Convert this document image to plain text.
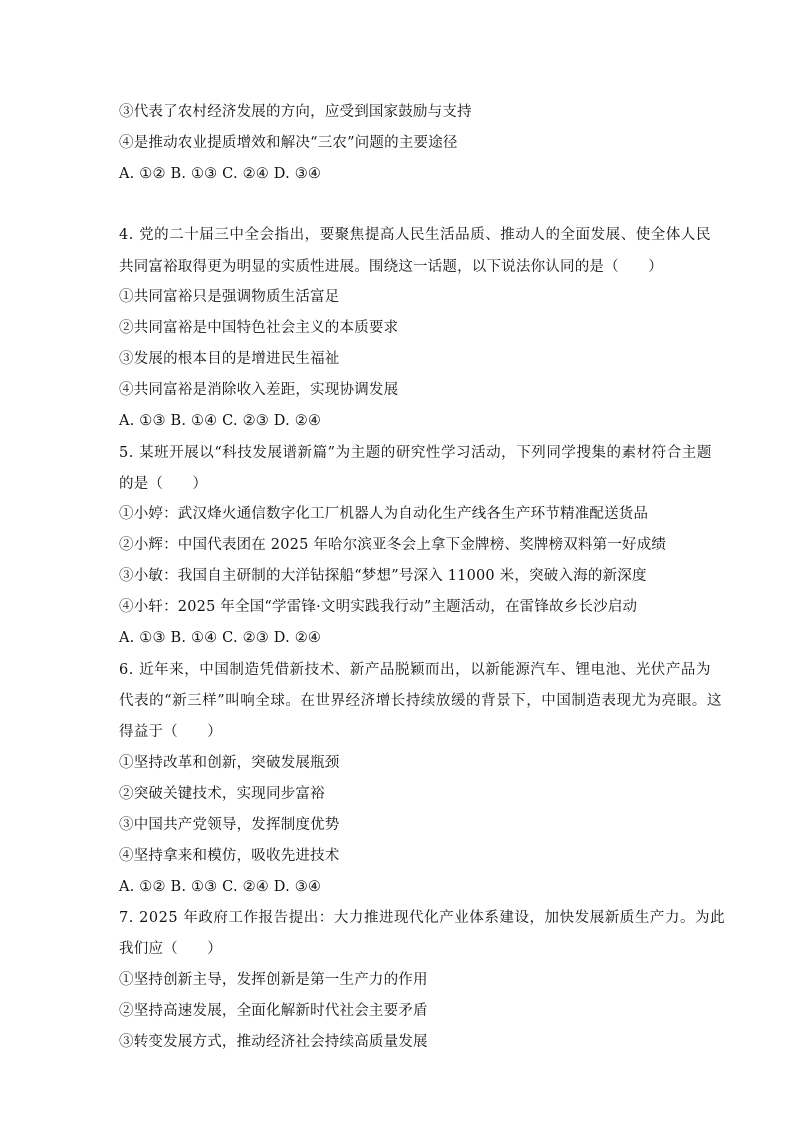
③代表了农村经济发展的方向，应受到国家鼓励与支持
④是推动农业提质增效和解决“三农”问题的主要途径
A. ①② B. ①③ C. ②④ D. ③④
4. 党的二十届三中全会指出，要聚焦提高人民生活品质、推动人的全面发展、使全体人民
共同富裕取得更为明显的实质性进展。围绕这一话题，以下说法你认同的是（　　）
①共同富裕只是强调物质生活富足
②共同富裕是中国特色社会主义的本质要求
③发展的根本目的是增进民生福祉
④共同富裕是消除收入差距，实现协调发展
A. ①③ B. ①④ C. ②③ D. ②④
5. 某班开展以“科技发展谱新篇”为主题的研究性学习活动，下列同学搜集的素材符合主题
的是（　　）
①小婷：武汉烽火通信数字化工厂机器人为自动化生产线各生产环节精准配送货品
②小辉：中国代表团在 2025 年哈尔滨亚冬会上拿下金牌榜、奖牌榜双料第一好成绩
③小敏：我国自主研制的大洋钻探船“梦想”号深入 11000 米，突破入海的新深度
④小轩：2025 年全国“学雷锋·文明实践我行动”主题活动，在雷锋故乡长沙启动
A. ①③ B. ①④ C. ②③ D. ②④
6. 近年来，中国制造凭借新技术、新产品脱颖而出，以新能源汽车、锂电池、光伏产品为
代表的“新三样”叫响全球。在世界经济增长持续放缓的背景下，中国制造表现尤为亮眼。这
得益于（　　）
①坚持改革和创新，突破发展瓶颈
②突破关键技术，实现同步富裕
③中国共产党领导，发挥制度优势
④坚持拿来和模仿，吸收先进技术
A. ①② B. ①③ C. ②④ D. ③④
7. 2025 年政府工作报告提出：大力推进现代化产业体系建设，加快发展新质生产力。为此
我们应（　　）
①坚持创新主导，发挥创新是第一生产力的作用
②坚持高速发展，全面化解新时代社会主要矛盾
③转变发展方式，推动经济社会持续高质量发展
